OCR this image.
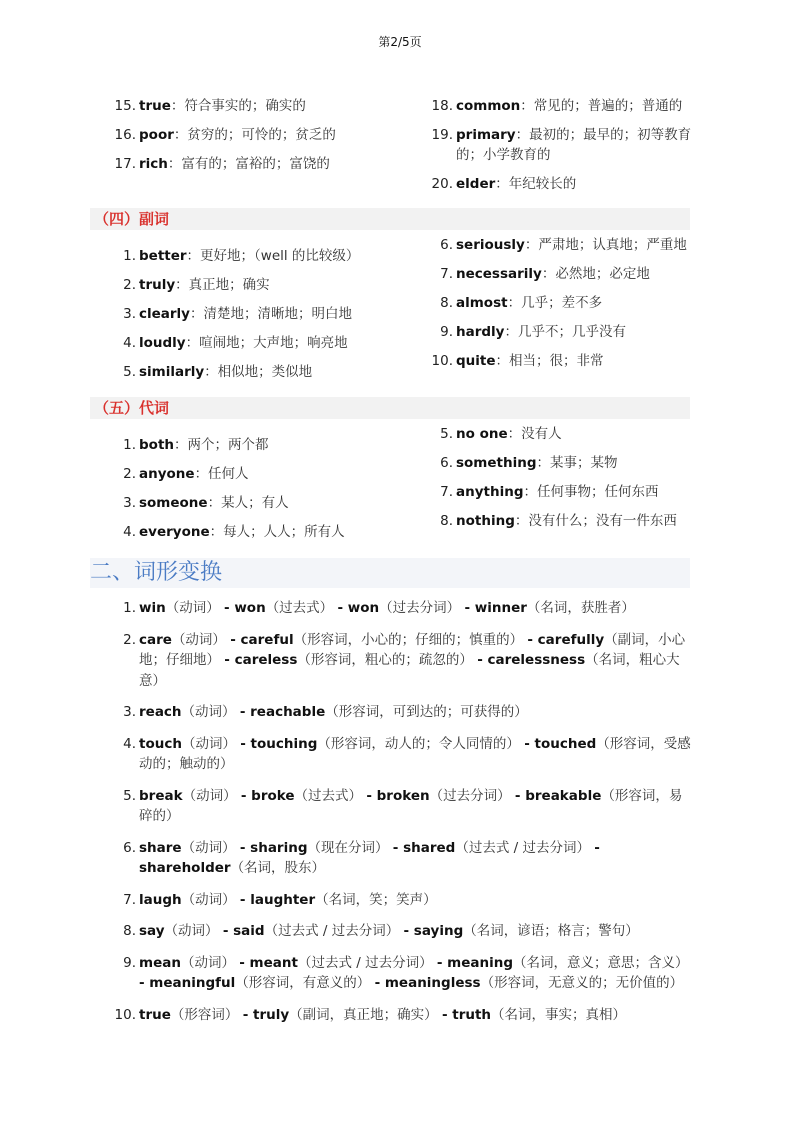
第2/5页
15. true：符合事实的；确实的
16. poor：贫穷的；可怜的；贫乏的
17. rich：富有的；富裕的；富饶的
18. common：常见的；普遍的；普通的
19. primary：最初的；最早的；初等教育的；小学教育的
20. elder：年纪较长的
（四）副词
1. better：更好地；（well 的比较级）
2. truly：真正地；确实
3. clearly：清楚地；清晰地；明白地
4. loudly：喧闹地；大声地；响亮地
5. similarly：相似地；类似地
6. seriously：严肃地；认真地；严重地
7. necessarily：必然地；必定地
8. almost：几乎；差不多
9. hardly：几乎不；几乎没有
10. quite：相当；很；非常
（五）代词
1. both：两个；两个都
2. anyone：任何人
3. someone：某人；有人
4. everyone：每人；人人；所有人
5. no one：没有人
6. something：某事；某物
7. anything：任何事物；任何东西
8. nothing：没有什么；没有一件东西
二、词形变换
1. win（动词） - won（过去式） - won（过去分词） - winner（名词，获胜者）
2. care（动词） - careful（形容词，小心的；仔细的；慎重的） - carefully（副词，小心地；仔细地） - careless（形容词，粗心的；疏忽的） - carelessness（名词，粗心大意）
3. reach（动词） - reachable（形容词，可到达的；可获得的）
4. touch（动词） - touching（形容词，动人的；令人同情的） - touched（形容词，受感动的；触动的）
5. break（动词） - broke（过去式） - broken（过去分词） - breakable（形容词，易碎的）
6. share（动词） - sharing（现在分词） - shared（过去式 / 过去分词） - shareholder（名词，股东）
7. laugh（动词） - laughter（名词，笑；笑声）
8. say（动词） - said（过去式 / 过去分词） - saying（名词，谚语；格言；警句）
9. mean（动词） - meant（过去式 / 过去分词） - meaning（名词，意义；意思；含义） - meaningful（形容词，有意义的） - meaningless（形容词，无意义的；无价值的）
10. true（形容词） - truly（副词，真正地；确实） - truth（名词，事实；真相）
